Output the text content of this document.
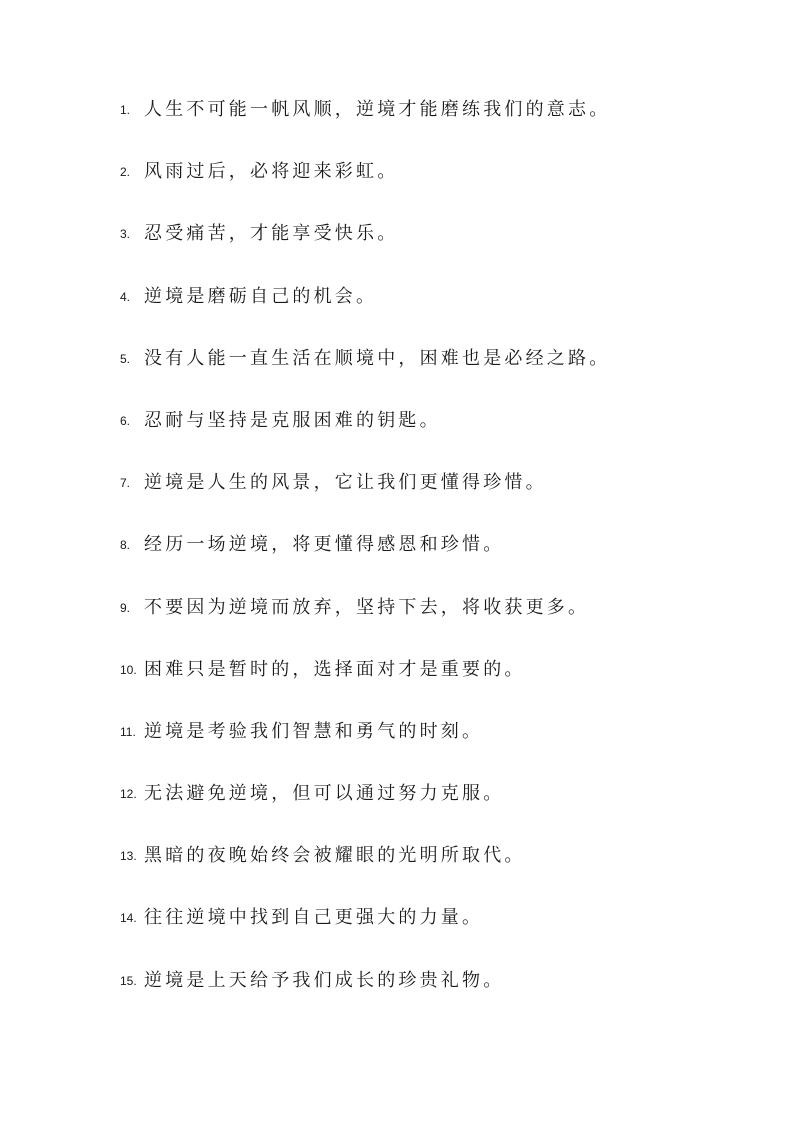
1. 人生不可能一帆风顺，逆境才能磨练我们的意志。
2. 风雨过后，必将迎来彩虹。
3. 忍受痛苦，才能享受快乐。
4. 逆境是磨砺自己的机会。
5. 没有人能一直生活在顺境中，困难也是必经之路。
6. 忍耐与坚持是克服困难的钥匙。
7. 逆境是人生的风景，它让我们更懂得珍惜。
8. 经历一场逆境，将更懂得感恩和珍惜。
9. 不要因为逆境而放弃，坚持下去，将收获更多。
10. 困难只是暂时的，选择面对才是重要的。
11. 逆境是考验我们智慧和勇气的时刻。
12. 无法避免逆境，但可以通过努力克服。
13. 黑暗的夜晚始终会被耀眼的光明所取代。
14. 往往逆境中找到自己更强大的力量。
15. 逆境是上天给予我们成长的珍贵礼物。
